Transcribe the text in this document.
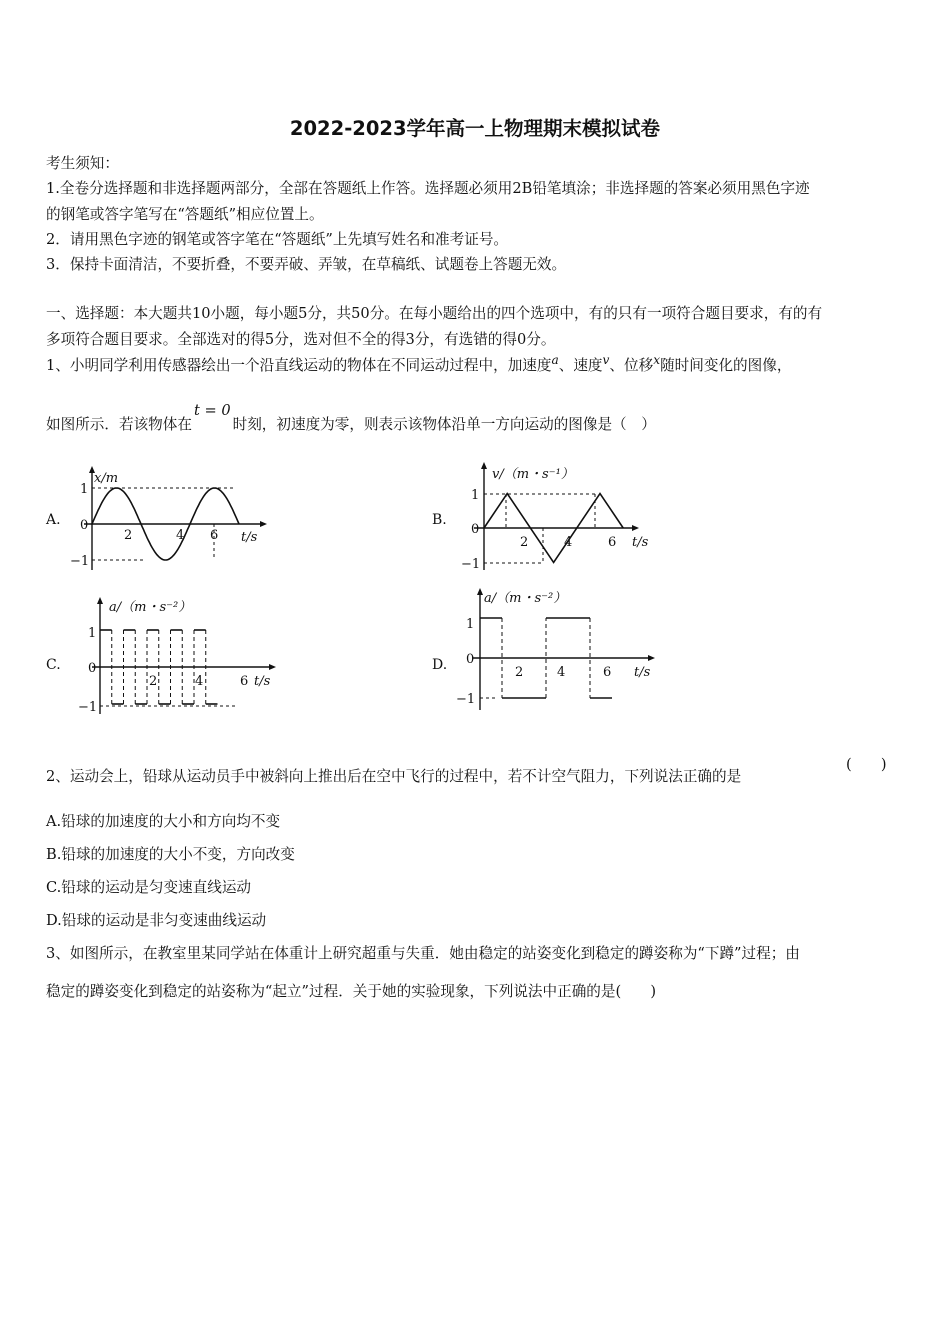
2022-2023学年高一上物理期末模拟试卷
考生须知：
1.全卷分选择题和非选择题两部分，全部在答题纸上作答。选择题必须用2B铅笔填涂；非选择题的答案必须用黑色字迹
的钢笔或答字笔写在“答题纸”相应位置上。
2．请用黑色字迹的钢笔或答字笔在“答题纸”上先填写姓名和准考证号。
3．保持卡面清洁，不要折叠，不要弄破、弄皱，在草稿纸、试题卷上答题无效。
一、选择题：本大题共10小题，每小题5分，共50分。在每小题给出的四个选项中，有的只有一项符合题目要求，有的有
多项符合题目要求。全部选对的得5分，选对但不全的得3分，有选错的得0分。
1、小明同学利用传感器绘出一个沿直线运动的物体在不同运动过程中，加速度$^a$、速度$^v$、位移$^x$随时间变化的图像，
如图所示．若该物体在t = 0时刻，初速度为零，则表示该物体沿单一方向运动的图像是（　）
A.
x/m
t/s
2	4 6
1
0
−1
B.
v/（m・s⁻¹）
t/s
2	4	6
1
0
−1
C.
a/（m・s⁻²）
t/s
2	4	6
1
0
−1
D.
a/（m・s⁻²）
t/s
2	4	6
1
0
−1
2、运动会上，铅球从运动员手中被斜向上推出后在空中飞行的过程中，若不计空气阻力，下列说法正确的是
(　　)
A.铅球的加速度的大小和方向均不变
B.铅球的加速度的大小不变，方向改变
C.铅球的运动是匀变速直线运动
D.铅球的运动是非匀变速曲线运动
3、如图所示，在教室里某同学站在体重计上研究超重与失重．她由稳定的站姿变化到稳定的蹲姿称为“下蹲”过程；由
稳定的蹲姿变化到稳定的站姿称为“起立”过程．关于她的实验现象，下列说法中正确的是(　　)
